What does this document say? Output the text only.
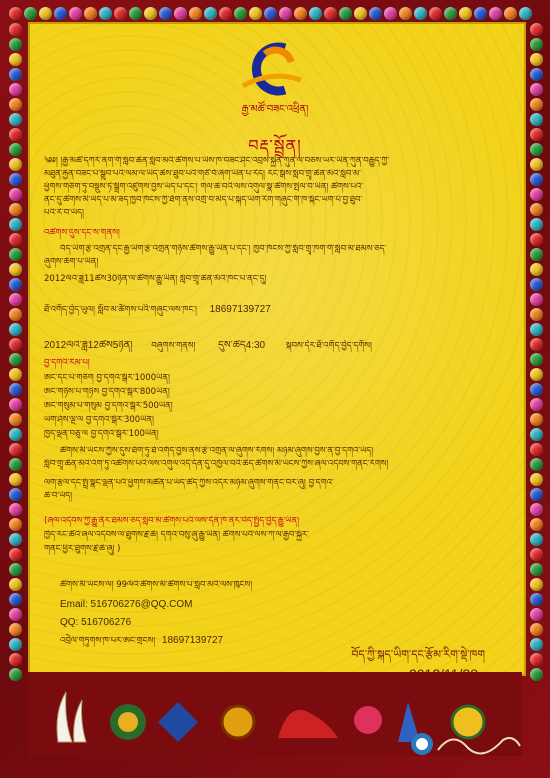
རྒྱ་མཚོ་བཟང་འཕྲིན།
བརྡ་སྦྲོན།
༄༅། །རྒྱ་མཚོ་དཀར་ནག་གི་སློབ་ཆེན་སློབ་མའི་ཚོགས་པ་ཡིས་ཁ་བཟང་ཤིང་འབྲས་སྐྱེན་ཀུན་ལ་བཅས་ཡར་ཡིན་ཀུན་བརྒྱུད་ཀྱི་
མཐུན་རྐྱེན་བཟང་པོ་སྒྲུབ་པའི་ལམ་ལ་ཡིད་ཆེས་ཐུབ་པའི་གཙོ་བོ་ཞིག་ཡིན་པ་རེད། རང་སྒོས་སློབ་གྲྭ་ཆེན་མོའི་སློབ་མ་
ཕྱོགས་གཅིག་ཏུ་བསྡུས་ཏེ་སྒྲིག་འཛུགས་བྱས་ཡོད་པ་དང་། གལ་ཆེ་བའི་ལས་འགུལ་སྣ་ཚོགས་སྤེལ་བ་ཡིན། ཚོགས་པའི་
ནང་དུ་ཚོགས་མི་ཡོད་པ་མ་ཟད་ཁྱབ་ཁོངས་ཀྱི་ཐོག་ནས་འགྲོ་བ་མེད་པ་སྐད་ཡིག་རིག་གཞུང་གི་ཁ་སྐོང་ཡག་པོ་བྱ་ཐུབ་
པའི་རེ་བ་ཡོད།
འཚོགས་དུས་དང་ས་གནས།
བོད་ཡིག་རྩེ་འགྲན་དང་རྒྱ་ཡིག་རྩེ་འགྲན་གཉིས་ཚོགས་རྒྱུ་ཡིན་པ་དང་། ཁྱབ་ཁོངས་ཀྱི་སློབ་གྲྭ་ཁག་གི་སློབ་མ་ཐམས་ཅད་
ཞུགས་ཆོག་པ་ཡིན།
2012ལོའི་ཟླ11ཚེས30ཉིན་ལ་ཚོགས་རྒྱུ་ཡིན། སློབ་གྲྭ་ཆེན་མོའི་ཁང་པ་ནང་དུ།
ཐོ་འགོད་བྱེད་ཡུལ། སློབ་མ་ཚོགས་པའི་གཞུང་ལས་ཁང་། 18697139727
2012ལོའི་ཟླ12ཚེས5ཉིན། བཞུགས་གནས། དུས་ཚོད4:30 སྐབས་དེར་ཐོ་འགོད་བྱེད་དགོས།
བྱ་དགའི་རིམ་པ།
ཨང་དང་པོ་གཅིག བྱ་དགའ་སྒོར་1000ཡིན།
ཨང་གཉིས་པ་གཉིས བྱ་དགའ་སྒོར་800ཡིན།
ཨང་གསུམ་པ་གསུམ བྱ་དགའ་སྒོར་500ཡིན།
ཡག་ཤོས་ལྔ་ལ བྱ་དགའ་སྒོར་300ཡིན།
ཁྱད་ལྡན་བཅུ་ལ བྱ་དགའ་སྒོར་100ཡིན།
ཚོགས་མི་ཡོངས་ཀྱིས་དུས་ཐོག་ཏུ་ཐོ་འགོད་བྱས་ནས་རྩེ་འགྲན་ལ་ཞུགས་རོགས། མཉམ་ཞུགས་བྱས་ན་བྱ་དགའ་ཡོད།
སློབ་གྲྭ་ཆེན་མོའི་འོག་ཏུ་འཚོགས་པའི་ལས་འགུལ་འདི་དོན་དུ་འཁྱོལ་བའི་ཆེད་ཚོགས་མི་ཡོངས་ཀྱིས་ཞལ་འདེབས་གནང་རོགས།
ལག་རྩལ་དང་སྤྲོ་སྣང་ལྡན་པའི་ཕྱོགས་མཚོན་པ་ཡོད་ཚད་ཀྱིས་འདིར་མཉམ་ཞུགས་གནང་བར་ཞུ། བྱ་དགའ་
ཆེ་བ་ཡོད།
(ཞལ་འདེབས་ཀྱི་རྒྱུ་ནོར་ཐམས་ཅད་སློབ་མ་ཚོགས་པའི་ལས་དོན་ཁོ་ནར་བེད་སྤྱོད་བྱེད་རྒྱུ་ཡིན།
ཁྱེད་རང་ཚོའི་ཞལ་འདེབས་ལ་ཐུགས་རྗེ་ཆེ། དགའ་བསུ་ཞུ་རྒྱུ་ཡིན། ཚོགས་པའི་ལས་ཀ་ལ་རྒྱབ་སྐྱོར་
གནང་ཕྱིར་ཐུགས་རྗེ་ཆེ་ཞུ། )
ཚོགས་མི་ཡོངས་ལ། 99ལོའི་ཚོགས་མི་ཚོགས་པ་སློབ་མའི་ལས་ཁུངས།
Email: 516706276@QQ.COM
QQ: 516706276
འབྲེལ་གཏུགས་ཁ་པར་ཨང་གྲངས། 18697139727
བོད་ཀྱི་སྐད་ཡིག་དང་རྩོམ་རིག་སྡེ་ཁག
